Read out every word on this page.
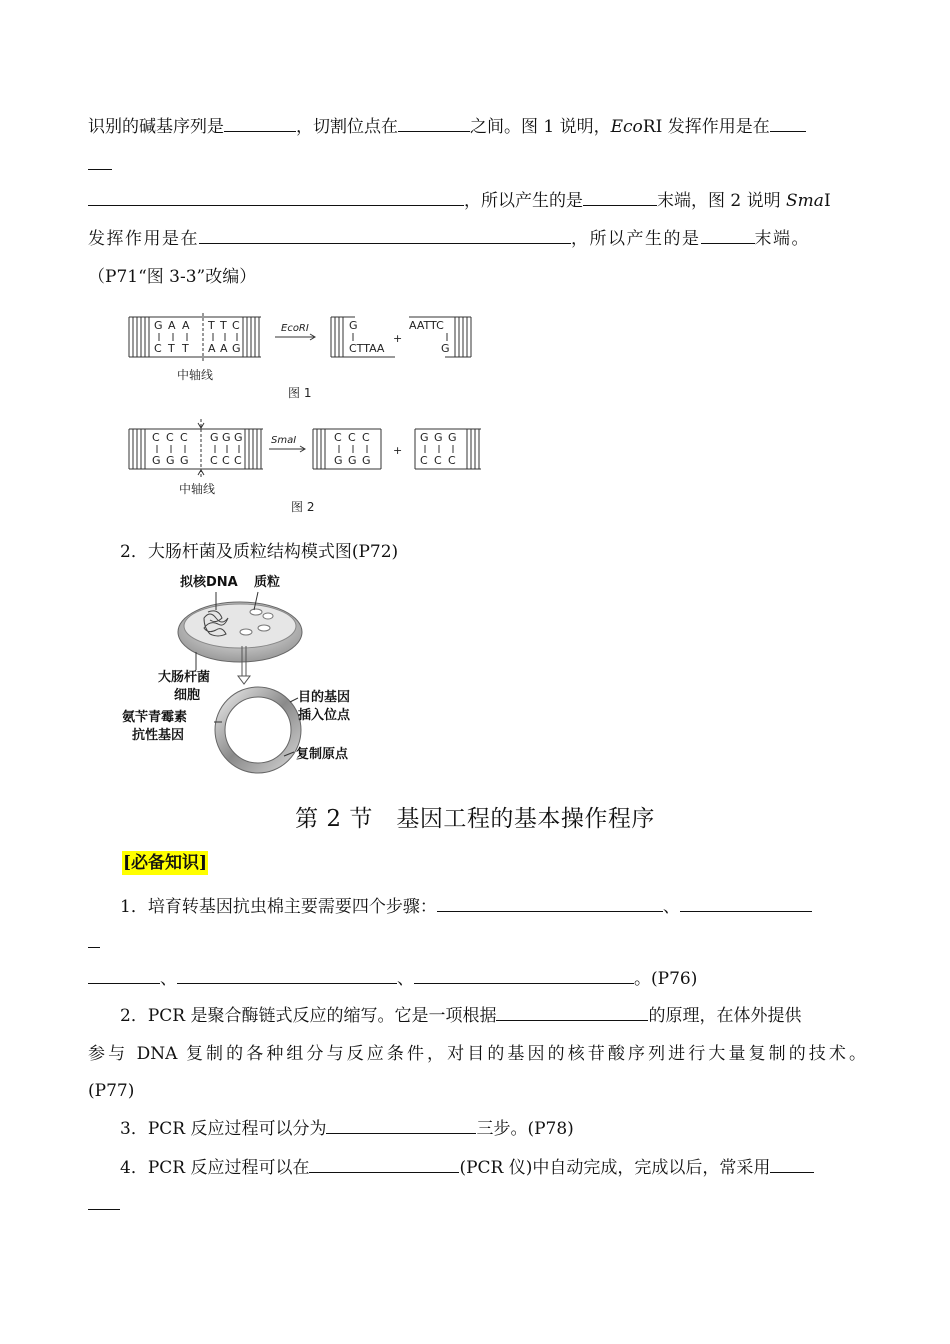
识别的碱基序列是	，切割位点在	之间。图 1 说明，EcoRI 发挥作用是在
，所以产生的是	末端，图 2 说明 SmaI
发挥作用是在	，所以产生的是	末端。
（P71“图 3-3”改编）
G A A T T C
C T T A A G
EcoRⅠ	G
CTTAA
+
AATTC
G
中轴线
图 1
C C C G G G
G G G C C C
SmaⅠ	C C C
G G G
+
G G G
C C C
中轴线
图 2
2．大肠杆菌及质粒结构模式图(P72)
拟核DNA 质粒
大肠杆菌
细胞
氨苄青霉素
抗性基因
目的基因
插入位点
复制原点
第 2 节　基因工程的基本操作程序
[必备知识]
1．培育转基因抗虫棉主要需要四个步骤：	、
、	、	。(P76)
2．PCR 是聚合酶链式反应的缩写。它是一项根据	的原理，在体外提供
参与 DNA 复制的各种组分与反应条件，对目的基因的核苷酸序列进行大量复制的技术。
(P77)
3．PCR 反应过程可以分为	三步。(P78)
4．PCR 反应过程可以在	(PCR 仪)中自动完成，完成以后，常采用
